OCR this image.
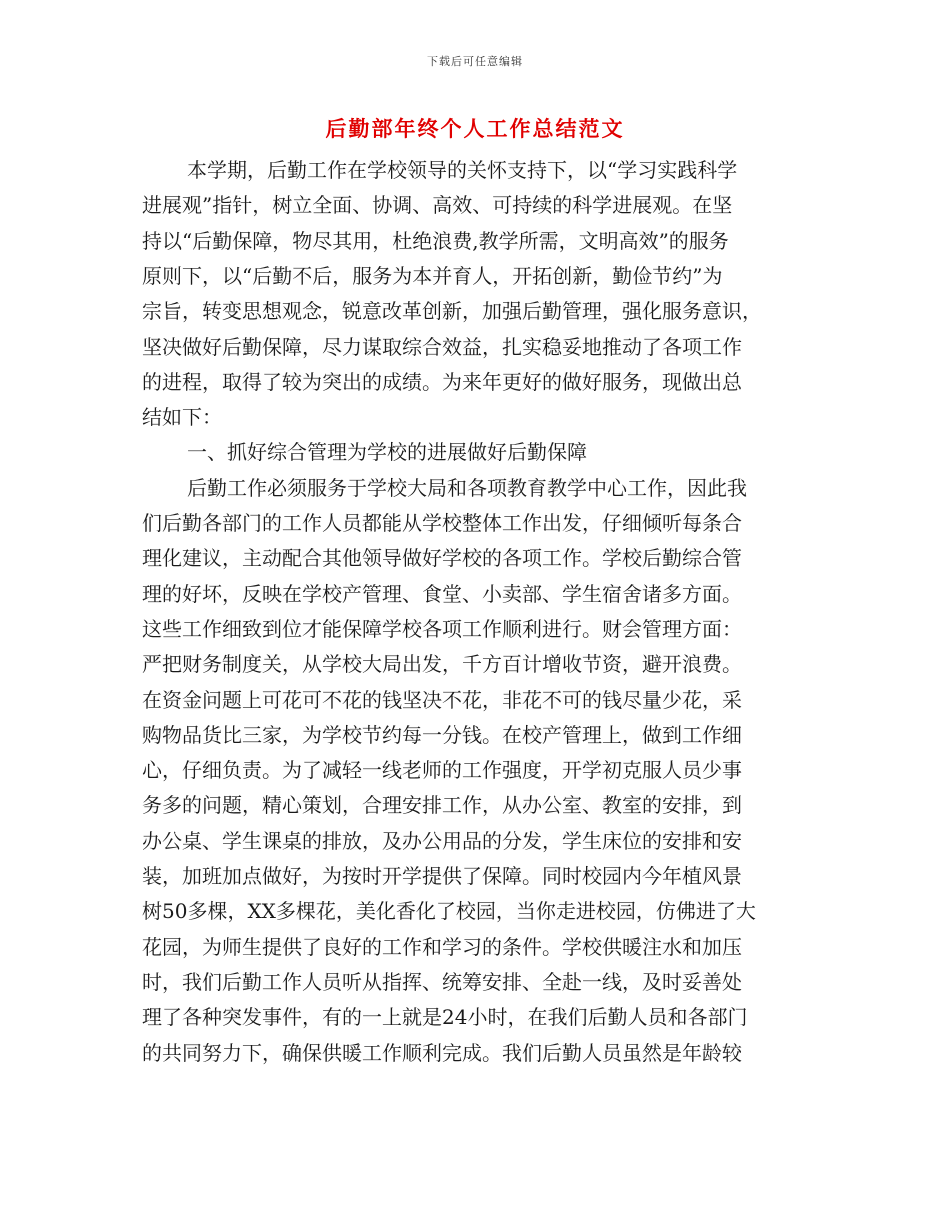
下载后可任意编辑
后勤部年终个人工作总结范文
本学期，后勤工作在学校领导的关怀支持下，以“学习实践科学
进展观”指针，树立全面、协调、高效、可持续的科学进展观。在坚
持以“后勤保障，物尽其用，杜绝浪费,教学所需，文明高效”的服务
原则下，以“后勤不后，服务为本并育人，开拓创新，勤俭节约”为
宗旨，转变思想观念，锐意改革创新，加强后勤管理，强化服务意识，
坚决做好后勤保障，尽力谋取综合效益，扎实稳妥地推动了各项工作
的进程，取得了较为突出的成绩。为来年更好的做好服务，现做出总
结如下：
一、抓好综合管理为学校的进展做好后勤保障
后勤工作必须服务于学校大局和各项教育教学中心工作，因此我
们后勤各部门的工作人员都能从学校整体工作出发，仔细倾听每条合
理化建议，主动配合其他领导做好学校的各项工作。学校后勤综合管
理的好坏，反映在学校产管理、食堂、小卖部、学生宿舍诸多方面。
这些工作细致到位才能保障学校各项工作顺利进行。财会管理方面：
严把财务制度关，从学校大局出发，千方百计增收节资，避开浪费。
在资金问题上可花可不花的钱坚决不花，非花不可的钱尽量少花，采
购物品货比三家，为学校节约每一分钱。在校产管理上，做到工作细
心，仔细负责。为了减轻一线老师的工作强度，开学初克服人员少事
务多的问题，精心策划，合理安排工作，从办公室、教室的安排，到
办公桌、学生课桌的排放，及办公用品的分发，学生床位的安排和安
装，加班加点做好，为按时开学提供了保障。同时校园内今年植风景
树50多棵，XX多棵花，美化香化了校园，当你走进校园，仿佛进了大
花园，为师生提供了良好的工作和学习的条件。学校供暖注水和加压
时，我们后勤工作人员听从指挥、统筹安排、全赴一线，及时妥善处
理了各种突发事件，有的一上就是24小时，在我们后勤人员和各部门
的共同努力下，确保供暖工作顺利完成。我们后勤人员虽然是年龄较
